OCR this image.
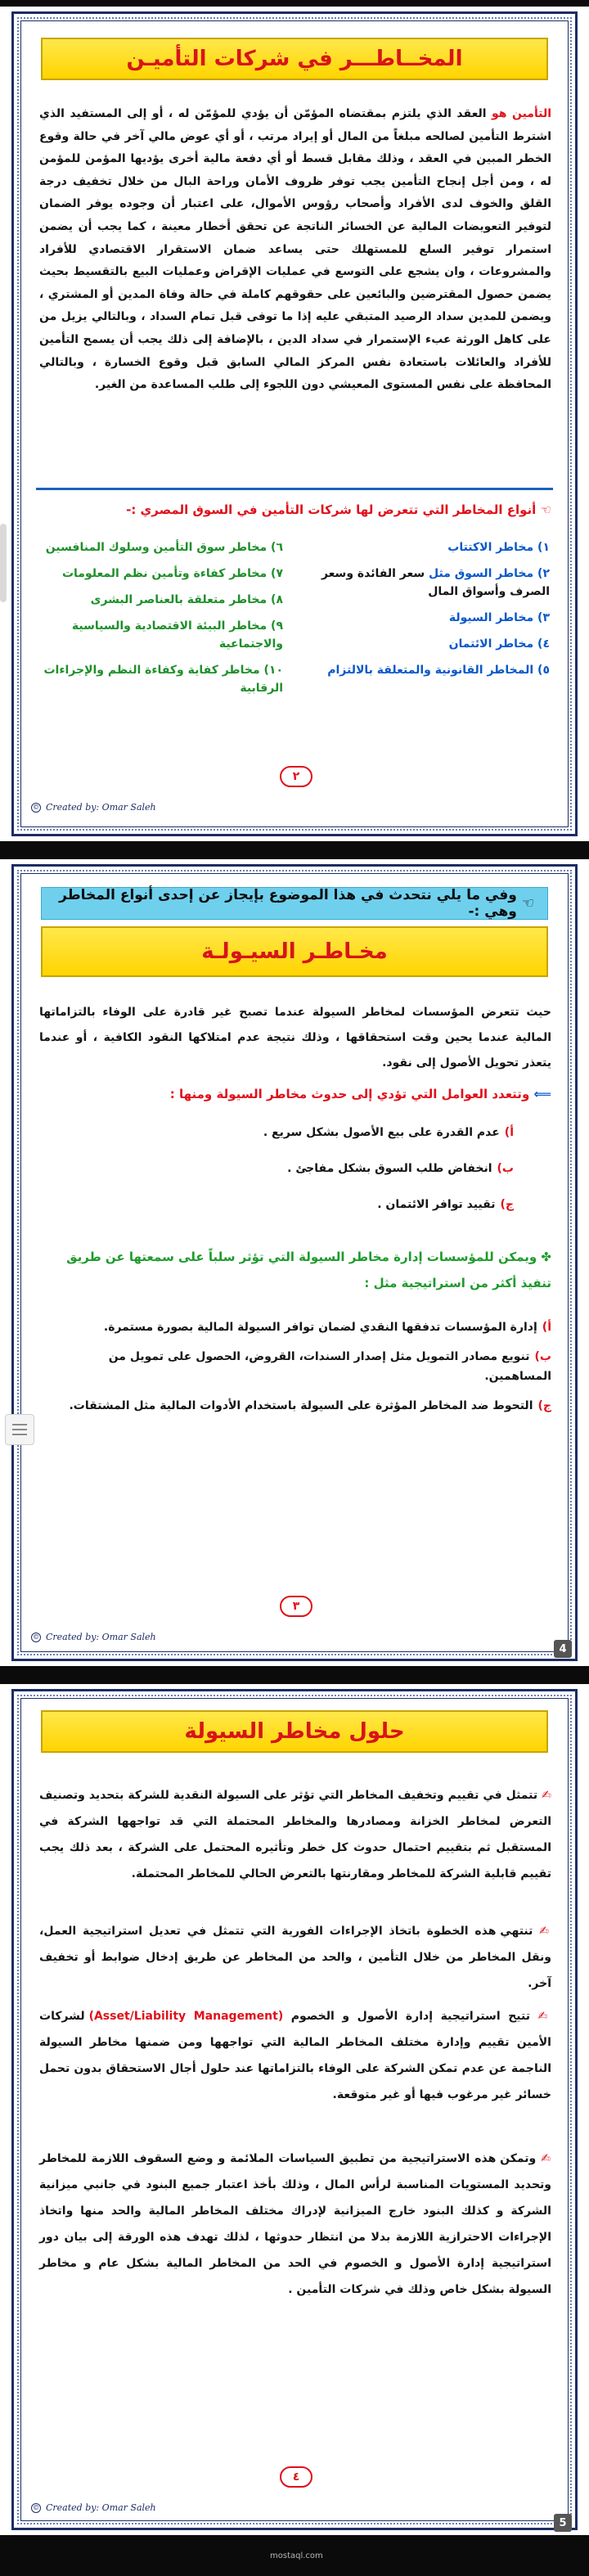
المخــاطـــر في شركات التأميـن
التأمين هو العقد الذي يلتزم بمقتضاه المؤمّن أن يؤدي للمؤمّن له ، أو إلى المستفيد الذي اشترط التأمين لصالحه مبلغاً من المال أو إيراد مرتب ، أو أي عوض مالي آخر في حالة وقوع الخطر المبين في العقد ، وذلك مقابل قسط أو أي دفعة مالية أخرى يؤديها المؤمن للمؤمن له ، ومن أجل إنجاح التأمين يجب توفر ظروف الأمان وراحة البال من خلال تخفيف درجة القلق والخوف لدى الأفراد وأصحاب رؤوس الأموال، على اعتبار أن وجوده يوفر الضمان لتوفير التعويضات المالية عن الخسائر الناتجة عن تحقق أخطار معينة ، كما يجب أن يضمن استمرار توفير السلع للمستهلك حتى يساعد ضمان الاستقرار الاقتصادي للأفراد والمشروعات ، وان يشجع على التوسع في عمليات الإقراض وعمليات البيع بالتقسيط بحيث يضمن حصول المقترضين والبائعين على حقوقهم كاملة في حالة وفاة المدين أو المشتري ، ويضمن للمدين سداد الرصيد المتبقي عليه إذا ما توفى قبل تمام السداد ، وبالتالي يزيل من على كاهل الورثة عبء الإستمرار في سداد الدين ، بالإضافة إلى ذلك يجب أن يسمح التأمين للأفراد والعائلات باستعادة نفس المركز المالي السابق قبل وقوع الخسارة ، وبالتالي المحافظة على نفس المستوى المعيشي دون اللجوء إلى طلب المساعدة من الغير.
☜ أنواع المخاطر التي تتعرض لها شركات التأمين في السوق المصري :-
١) مخاطر الاكتتاب
٢) مخاطر السوق مثل سعر الفائدة وسعر الصرف وأسواق المال
٣) مخاطر السيولة
٤) مخاطر الائتمان
٥) المخاطر القانونية والمتعلقة بالالتزام
٦) مخاطر سوق التأمين وسلوك المنافسين
٧) مخاطر كفاءة وتأمين نظم المعلومات
٨) مخاطر متعلقة بالعناصر البشرى
٩) مخاطر البيئة الاقتصادية والسياسية والاجتماعية
١٠) مخاطر كفاية وكفاءة النظم والإجراءات الرقابية
٢
© Created by: Omar Saleh
☜
وفي ما يلي نتحدث في هذا الموضوع بإيجاز عن إحدى أنواع المخاطر وهي :-
مخـاطـر السيـولـة
حيث تتعرض المؤسسات لمخاطر السيولة عندما تصبح غير قادرة على الوفاء بالتزاماتها المالية عندما يحين وقت استحقاقها ، وذلك نتيجة عدم امتلاكها النقود الكافية ، أو عندما يتعذر تحويل الأصول إلى نقود.
⟸ وتتعدد العوامل التي تؤدي إلى حدوث مخاطر السيولة ومنها :
أ)عدم القدرة على بيع الأصول بشكل سريع .
ب)انخفاض طلب السوق بشكل مفاجئ .
ج)تقييد توافر الائتمان .
✤ ويمكن للمؤسسات إدارة مخاطر السيولة التي تؤثر سلباً على سمعتها عن طريق تنفيذ أكثر من استراتيجية مثل :
أ)إدارة المؤسسات تدفقها النقدي لضمان توافر السيولة المالية بصورة مستمرة.
ب)تنويع مصادر التمويل مثل إصدار السندات، القروض، الحصول على تمويل من المساهمين.
ج)التحوط ضد المخاطر المؤثرة على السيولة باستخدام الأدوات المالية مثل المشتقات.
٣
© Created by: Omar Saleh
4
حلول مخاطر السيولة
✍ تتمثل في تقييم وتخفيف المخاطر التي تؤثر على السيولة النقدية للشركة بتحديد وتصنيف التعرض لمخاطر الخزانة ومصادرها والمخاطر المحتملة التي قد تواجهها الشركة في المستقبل ثم بتقييم احتمال حدوث كل خطر وتأثيره المحتمل على الشركة ، بعد ذلك يجب تقييم قابلية الشركة للمخاطر ومقارنتها بالتعرض الحالي للمخاطر المحتملة.
✍ تنتهي هذه الخطوة باتخاذ الإجراءات الفورية التي تتمثل في تعديل استراتيجية العمل، ونقل المخاطر من خلال التأمين ، والحد من المخاطر عن طريق إدخال ضوابط أو تخفيف آخر.
✍ تتيح استراتيجية إدارة الأصول و الخصوم (Asset/Liability Management) لشركات الأمين تقييم وإدارة مختلف المخاطر المالية التي تواجهها ومن ضمنها مخاطر السيولة الناجمة عن عدم تمكن الشركة على الوفاء بالتزاماتها عند حلول أجال الاستحقاق بدون تحمل خسائر غير مرغوب فيها أو غير متوقعة.
✍ وتمكن هذه الاستراتيجية من تطبيق السياسات الملائمة و وضع السقوف اللازمة للمخاطر وتحديد المستويات المناسبة لرأس المال ، وذلك بأخذ اعتبار جميع البنود في جانبي ميزانية الشركة و كذلك البنود خارج الميزانية لإدراك مختلف المخاطر المالية والحد منها واتخاذ الإجراءات الاحترازية اللازمة بدلا من انتظار حدوثها ، لذلك تهدف هذه الورقة إلى بيان دور استراتيجية إدارة الأصول و الخصوم في الحد من المخاطر المالية بشكل عام و مخاطر السيولة بشكل خاص وذلك في شركات التأمين .
٤
© Created by: Omar Saleh
5
mostaql.com
